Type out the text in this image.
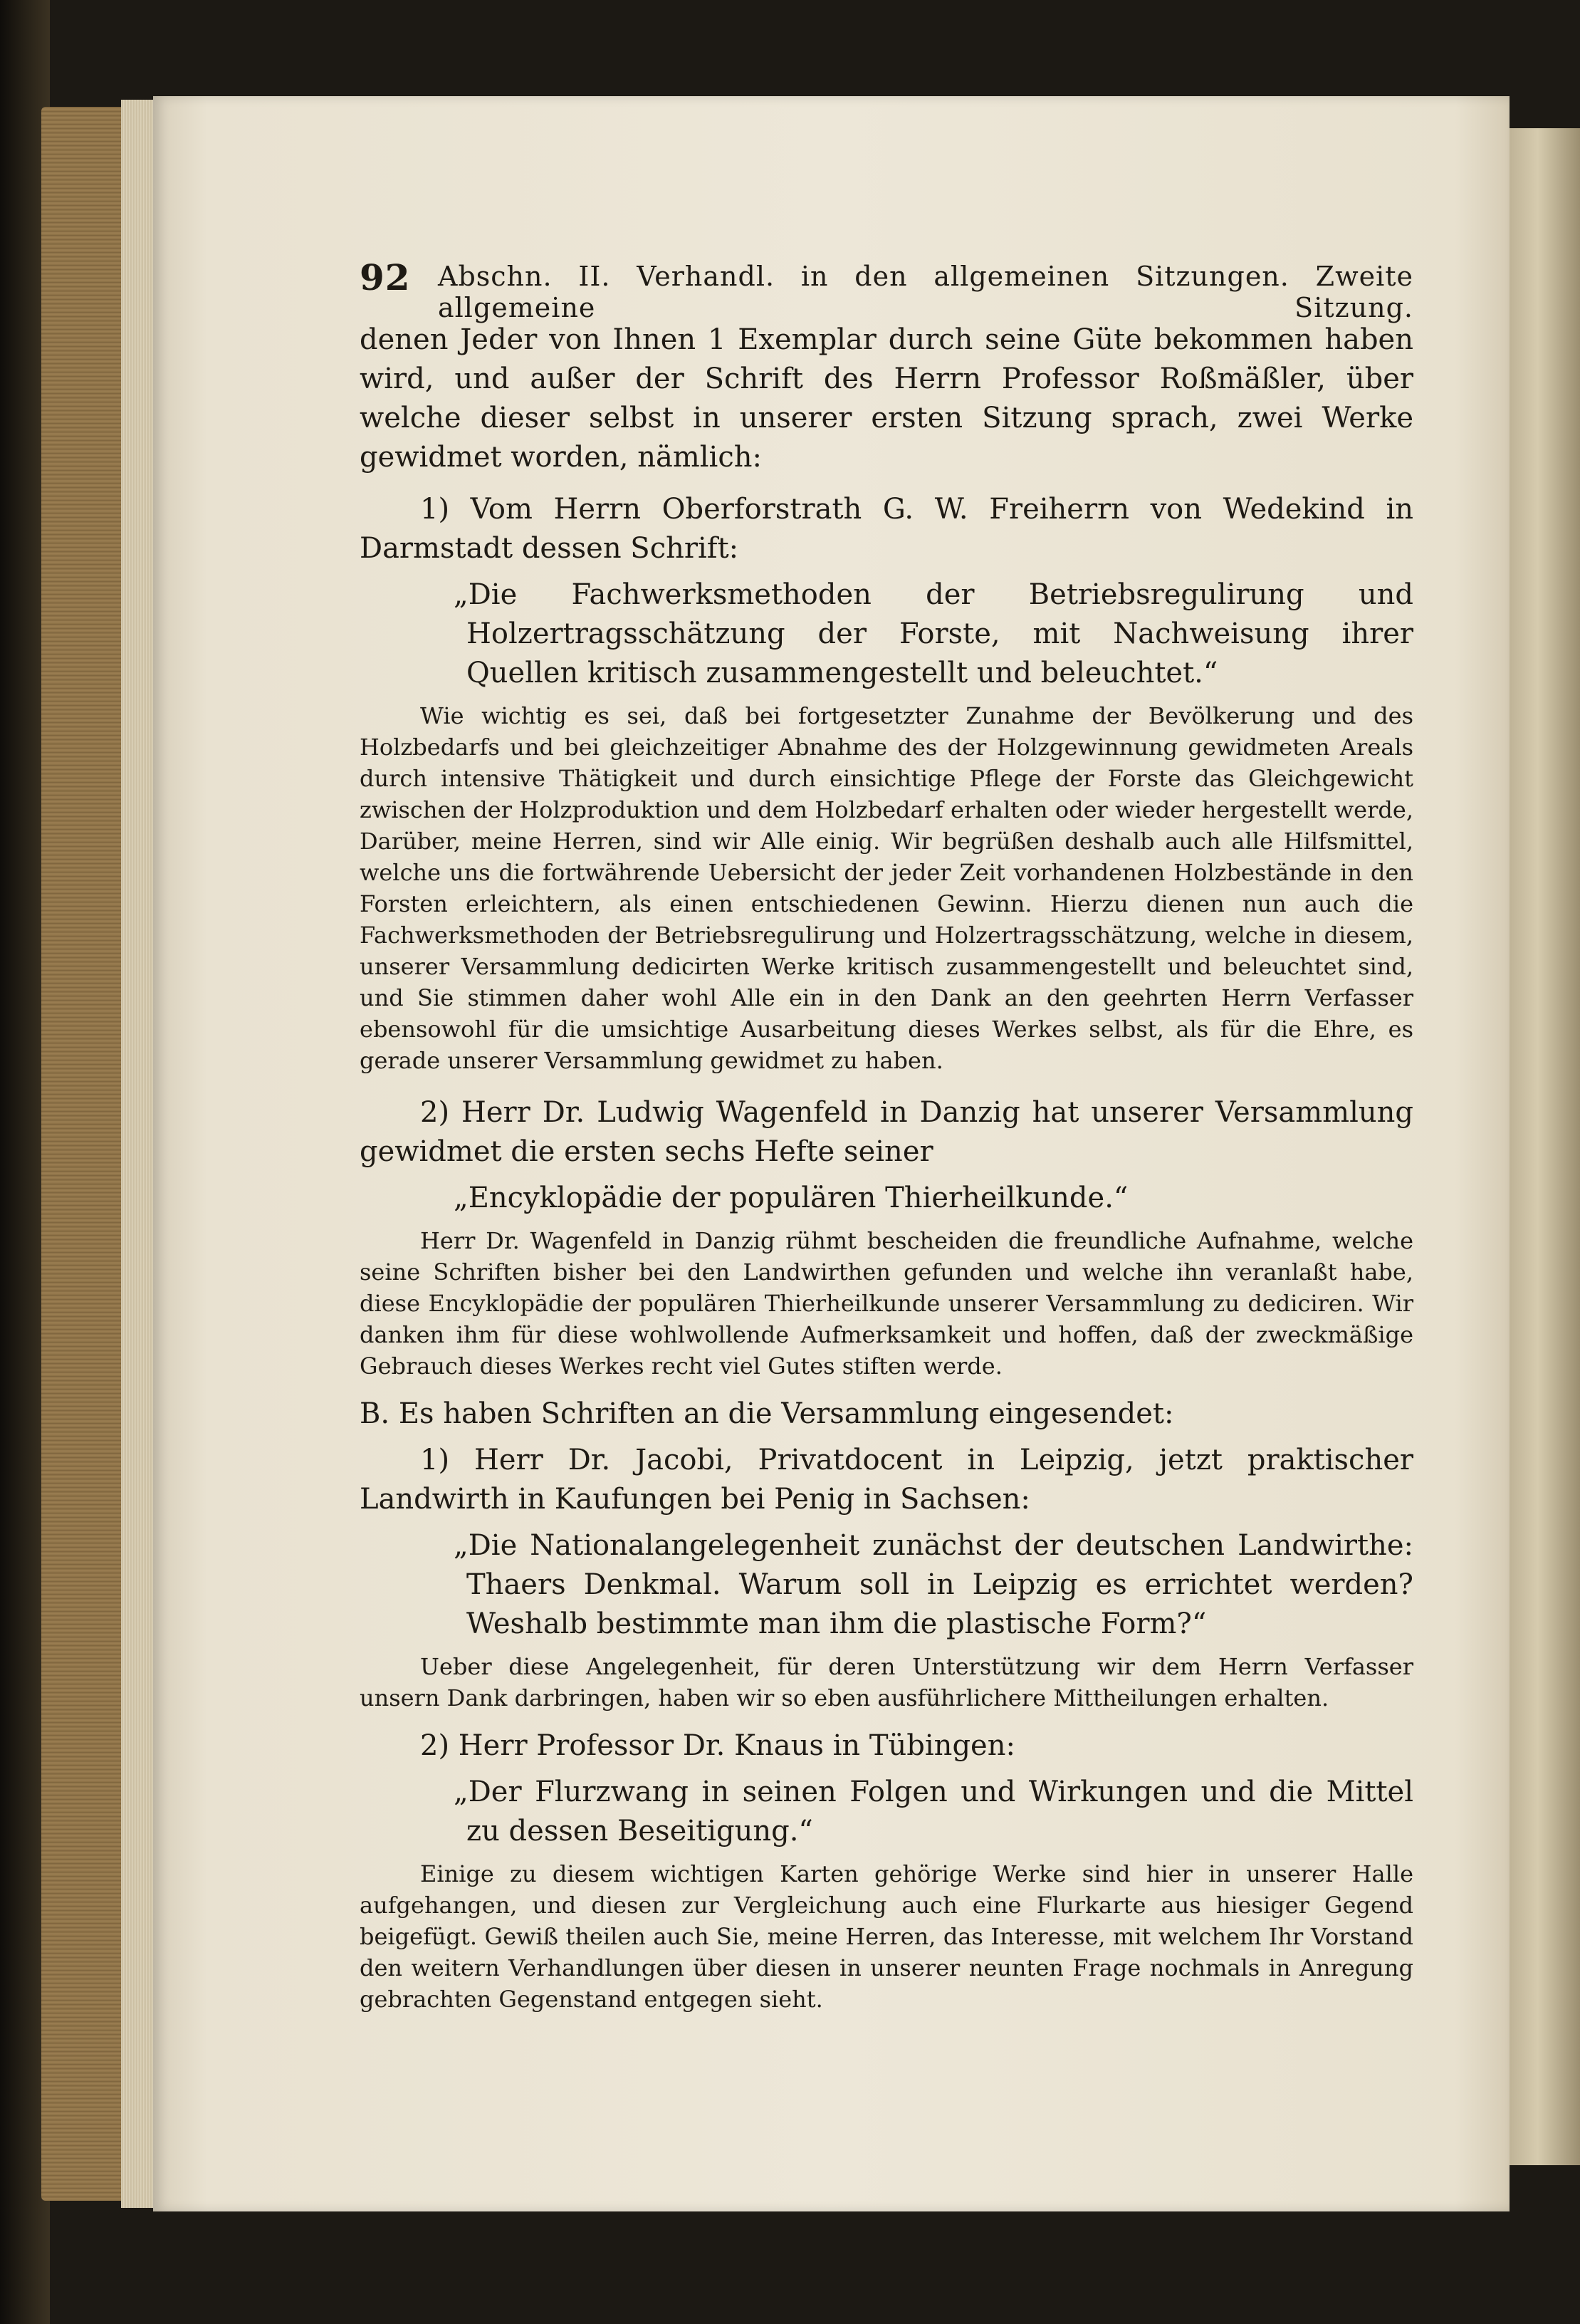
92 Abschn. II. Verhandl. in den allgemeinen Sitzungen. Zweite allgemeine Sitzung.

denen Jeder von Ihnen 1 Exemplar durch seine Güte bekommen haben wird, und außer der Schrift des Herrn Professor Roßmäßler, über welche dieser selbst in unserer ersten Sitzung sprach, zwei Werke gewidmet worden, nämlich:

1) Vom Herrn Oberforstrath G. W. Freiherrn von Wedekind in Darmstadt dessen Schrift:

„Die Fachwerksmethoden der Betriebsregulirung und Holzertragsschätzung der Forste, mit Nachweisung ihrer Quellen kritisch zusammengestellt und beleuchtet.“

Wie wichtig es sei, daß bei fortgesetzter Zunahme der Bevölkerung und des Holzbedarfs und bei gleichzeitiger Abnahme des der Holzgewinnung gewidmeten Areals durch intensive Thätigkeit und durch einsichtige Pflege der Forste das Gleichgewicht zwischen der Holzproduktion und dem Holzbedarf erhalten oder wieder hergestellt werde, Darüber, meine Herren, sind wir Alle einig. Wir begrüßen deshalb auch alle Hilfsmittel, welche uns die fortwährende Uebersicht der jeder Zeit vorhandenen Holzbestände in den Forsten erleichtern, als einen entschiedenen Gewinn. Hierzu dienen nun auch die Fachwerksmethoden der Betriebsregulirung und Holzertragsschätzung, welche in diesem, unserer Versammlung dedicirten Werke kritisch zusammengestellt und beleuchtet sind, und Sie stimmen daher wohl Alle ein in den Dank an den geehrten Herrn Verfasser ebensowohl für die umsichtige Ausarbeitung dieses Werkes selbst, als für die Ehre, es gerade unserer Versammlung gewidmet zu haben.

2) Herr Dr. Ludwig Wagenfeld in Danzig hat unserer Versammlung gewidmet die ersten sechs Hefte seiner

„Encyklopädie der populären Thierheilkunde.“

Herr Dr. Wagenfeld in Danzig rühmt bescheiden die freundliche Aufnahme, welche seine Schriften bisher bei den Landwirthen gefunden und welche ihn veranlaßt habe, diese Encyklopädie der populären Thierheilkunde unserer Versammlung zu dediciren. Wir danken ihm für diese wohlwollende Aufmerksamkeit und hoffen, daß der zweckmäßige Gebrauch dieses Werkes recht viel Gutes stiften werde.

B. Es haben Schriften an die Versammlung eingesendet:

1) Herr Dr. Jacobi, Privatdocent in Leipzig, jetzt praktischer Landwirth in Kaufungen bei Penig in Sachsen:

„Die Nationalangelegenheit zunächst der deutschen Landwirthe: Thaers Denkmal. Warum soll in Leipzig es errichtet werden? Weshalb bestimmte man ihm die plastische Form?“

Ueber diese Angelegenheit, für deren Unterstützung wir dem Herrn Verfasser unsern Dank darbringen, haben wir so eben ausführlichere Mittheilungen erhalten.

2) Herr Professor Dr. Knaus in Tübingen:

„Der Flurzwang in seinen Folgen und Wirkungen und die Mittel zu dessen Beseitigung.“

Einige zu diesem wichtigen Karten gehörige Werke sind hier in unserer Halle aufgehangen, und diesen zur Vergleichung auch eine Flurkarte aus hiesiger Gegend beigefügt. Gewiß theilen auch Sie, meine Herren, das Interesse, mit welchem Ihr Vorstand den weitern Verhandlungen über diesen in unserer neunten Frage nochmals in Anregung gebrachten Gegenstand entgegen sieht.
